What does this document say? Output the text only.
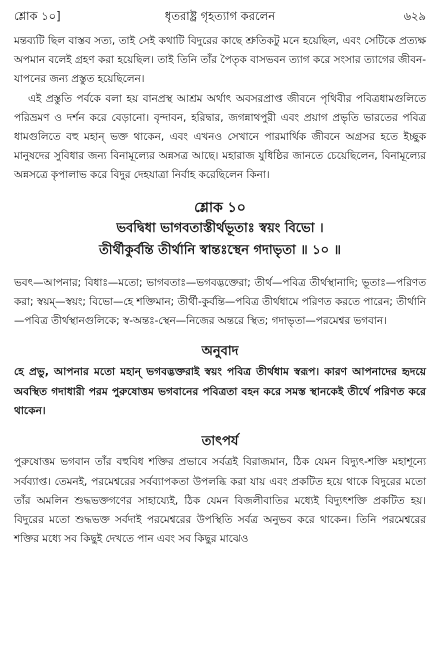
শ্লোক ১০]	ধৃতরাষ্ট্র গৃহত্যাগ করলেন	৬২৯

মন্তব্যটি ছিল বাস্তব সত্য, তাই সেই কথাটি বিদুরের কাছে শ্রুতিকটু মনে হয়েছিল, এবং সেটিকে প্রত্যক্ষ অপমান বলেই গ্রহণ করা হয়েছিল। তাই তিনি তাঁর পৈতৃক বাসভবন ত্যাগ করে সংসার ত্যাগের জীবন-যাপনের জন্য প্রস্তুত হয়েছিলেন।

এই প্রস্তুতি পর্বকে বলা হয় বানপ্রস্থ আশ্রম অর্থাৎ অবসরপ্রাপ্ত জীবনে পৃথিবীর পবিত্রধামগুলিতে পরিভ্রমণ ও দর্শন করে বেড়ানো। বৃন্দাবন, হরিদ্বার, জগন্নাথপুরী এবং প্রয়াগ প্রভৃতি ভারতের পবিত্র ধামগুলিতে বহু মহান্ ভক্ত থাকেন, এবং এখনও সেখানে পারমার্থিক জীবনে অগ্রসর হতে ইচ্ছুক মানুষদের সুবিধার জন্য বিনামূল্যের অন্নসত্র আছে। মহারাজ যুধিষ্ঠির জানতে চেয়েছিলেন, বিনামূল্যের অন্নসত্রে কৃপালাভ করে বিদুর দেহযাত্রা নির্বাহ করেছিলেন কিনা।

শ্লোক ১০
ভবদ্বিধা ভাগবতাস্তীর্থভূতাঃ স্বয়ং বিভো ।
তীর্থীকুর্বন্তি তীর্থানি স্বান্তঃস্থেন গদাভৃতা ॥ ১০ ॥
ভবৎ—আপনার; বিধাঃ—মতো; ভাগবতাঃ—ভগবদ্ভক্তেরা; তীর্থ—পবিত্র তীর্থস্থানাদি; ভূতাঃ—পরিণত করা; স্বয়ম্—স্বয়ং; বিভো—হে শক্তিমান; তীর্থী-কুর্বন্তি—পবিত্র তীর্থধামে পরিণত করতে পারেন; তীর্থানি—পবিত্র তীর্থস্থানগুলিকে; স্ব-অন্তঃ-স্থেন—নিজের অন্তরে স্থিত; গদাভৃতা—পরমেশ্বর ভগবান।
অনুবাদ
হে প্রভু, আপনার মতো মহান্ ভগবদ্ভক্তরাই স্বয়ং পবিত্র তীর্থধাম স্বরূপ। কারণ আপনাদের হৃদয়ে অবস্থিত গদাধারী পরম পুরুষোত্তম ভগবানের পবিত্রতা বহন করে সমস্ত স্থানকেই তীর্থে পরিণত করে থাকেন।
তাৎপর্য
পুরুষোত্তম ভগবান তাঁর বহুবিধ শক্তির প্রভাবে সর্বত্রই বিরাজমান, ঠিক যেমন বিদ্যুৎ-শক্তি মহাশূন্যে সর্বব্যাপ্ত। তেমনই, পরমেশ্বরের সর্বব্যাপকতা উপলব্ধি করা যায় এবং প্রকটিত হয়ে থাকে বিদুরের মতো তাঁর অমলিন শুদ্ধভক্তগণের সাহায্যেই, ঠিক যেমন বিজলীবাতির মধ্যেই বিদ্যুৎশক্তি প্রকটিত হয়। বিদুরের মতো শুদ্ধভক্ত সর্বদাই পরমেশ্বরের উপস্থিতি সর্বত্র অনুভব করে থাকেন। তিনি পরমেশ্বরের শক্তির মধ্যে সব কিছুই দেখতে পান এবং সব কিছুর মাঝেও
